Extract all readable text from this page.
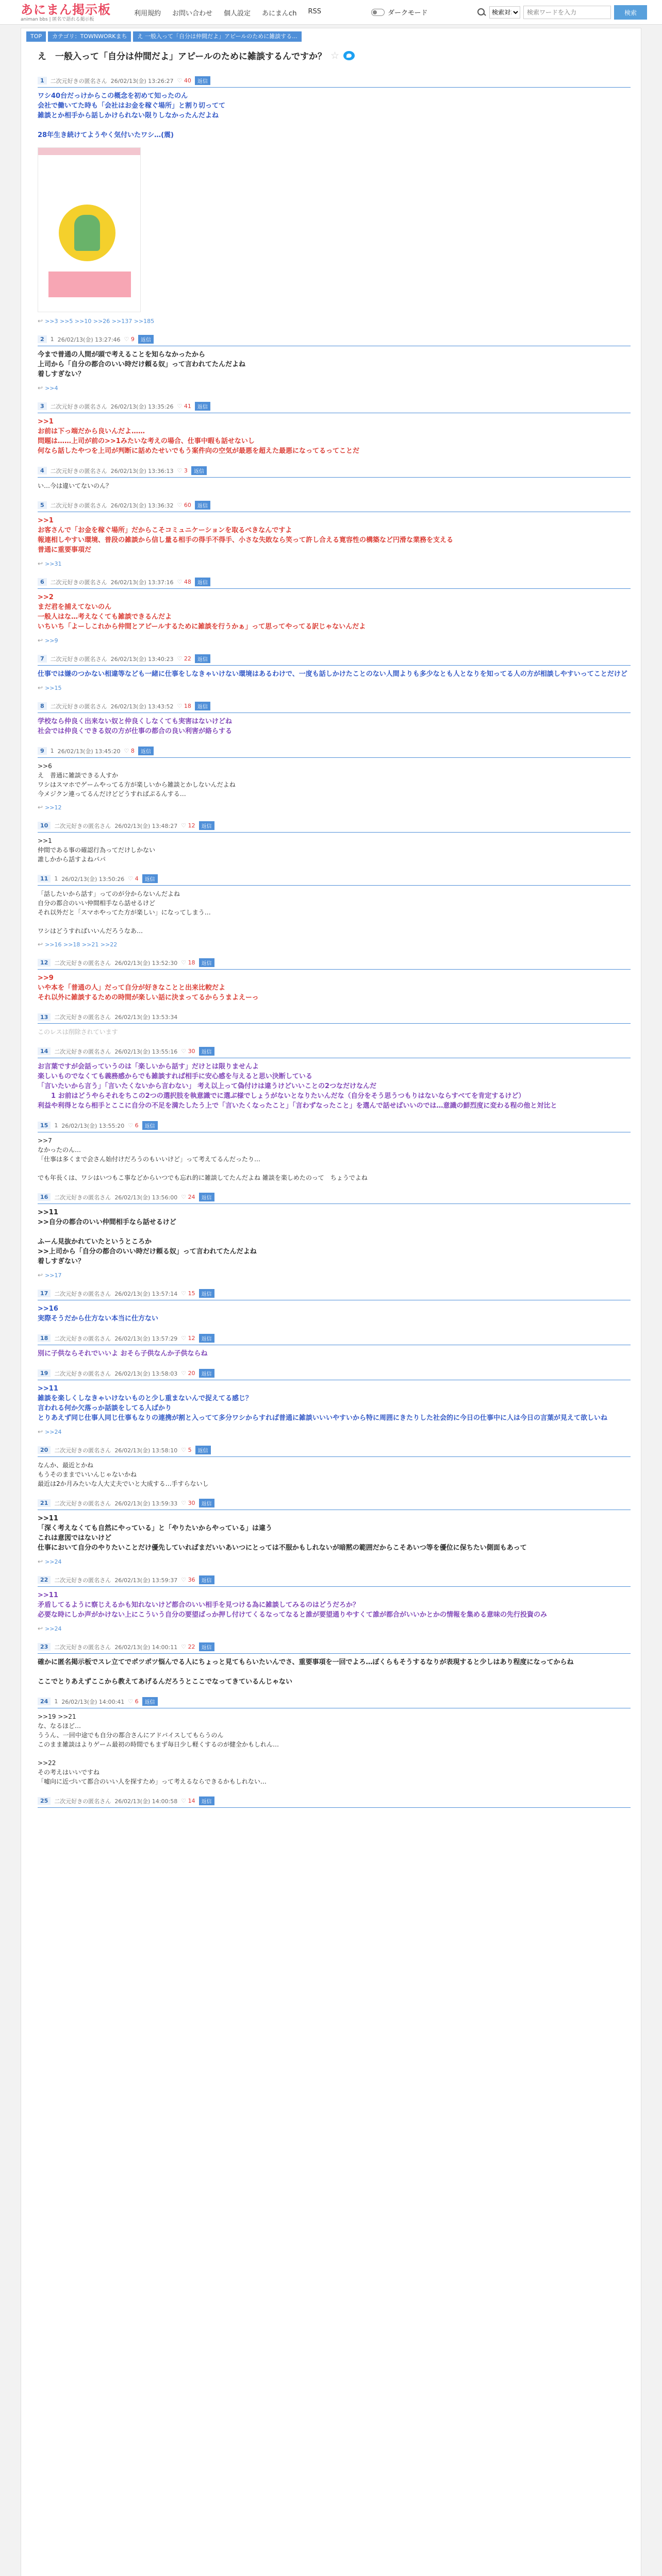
あにまん掲示板
animan bbs | 匿名で語れる掲示板
利用規約 お問い合わせ 個人設定 あにまんch RSS	ダークモード
検索対象
検索ワードを入力	検索
TOP	カテゴリ：TOWNWORKまち	え 一般入って「自分は仲間だよ」アピールのために雑談する...
え　一般入って「自分は仲間だよ」アピールのために雑談するんですか？ ☆
1	二次元好きの匿名さん 26/02/13(金) 13:26:27 ♡ 40	返信
ワシ40台だっけからこの概念を初めて知ったのん
会社で働いてた時も「会社はお金を稼ぐ場所」と割り切ってて
雑談とか相手から話しかけられない限りしなかったんだよね

28年生き続けてようやく気付いたワシ…(震)
↩ >>3 >>5 >>10 >>26 >>137 >>185
2	1 26/02/13(金) 13:27:46 ♡ 9	返信
今まで普通の人間が頭で考えることを知らなかったから
上司から「自分の都合のいい時だけ頼る奴」って言われてたんだよね
着しすぎない？
↩ >>4
3	二次元好きの匿名さん 26/02/13(金) 13:35:26 ♡ 41	返信
>>1
お前は下っ端だから良いんだよ……
問題は……上司が前の>>1みたいな考えの場合、仕事中暇も話せないし
何なら話したやつを上司が判断に話めたせいでもう案件向の空気が最悪を超えた最悪になってるってことだ
4	二次元好きの匿名さん 26/02/13(金) 13:36:13 ♡ 3	返信
い…今は違いてないのん？
5	二次元好きの匿名さん 26/02/13(金) 13:36:32 ♡ 60	返信
>>1
お客さんで「お金を稼ぐ場所」だからこそコミュニケーションを取るべきなんですよ
報連相しやすい環境、普段の雑談から信し量る相手の得手不得手、小さな失敗なら笑って許し合える寛容性の構築など円滑な業務を支える
普通に重要事項だ
↩ >>31
6	二次元好きの匿名さん 26/02/13(金) 13:37:16 ♡ 48	返信
>>2
まだ君を捕えてないのん
一般人はな…考えなくても雑談できるんだよ
いちいち「よーしこれから仲間とアピールするために雑談を行うかぁ」って思ってやってる訳じゃないんだよ
↩ >>9
7	二次元好きの匿名さん 26/02/13(金) 13:40:23 ♡ 22	返信
仕事では嫌のつかない相違等なども一緒に仕事をしなきゃいけない環境はあるわけで、一度も話しかけたことのない人間よりも多少なとも人となりを知ってる人の方が相談しやすいってことだけど
↩ >>15
8	二次元好きの匿名さん 26/02/13(金) 13:43:52 ♡ 18	返信
学校なら仲良く出来ない奴と仲良くしなくても実害はないけどね
社会では仲良くできる奴の方が仕事の都合の良い利害が絡らする
9	1 26/02/13(金) 13:45:20 ♡ 8	返信
>>6
え　普通に雑談できる人すか
ワシはスマホでゲームやってる方が楽しいから雑談とかしないんだよね
今メジクン連ってるんだけどどうすればぷるんする…
↩ >>12
10	二次元好きの匿名さん 26/02/13(金) 13:48:27 ♡ 12	返信
>>1
仲間である事の確認行為ってだけしかない
誰しかから話すよねパパ
11	1 26/02/13(金) 13:50:26 ♡ 4	返信
「話したいから話す」ってのが分からないんだよね
自分の都合のいい仲間相手なら話せるけど
それ以外だと「スマホやってた方が楽しい」になってしまう…

ワシはどうすればいいんだろうなあ…
↩ >>16 >>18 >>21 >>22
12	二次元好きの匿名さん 26/02/13(金) 13:52:30 ♡ 18	返信
>>9
いや本を「普通の人」だって自分が好きなことと出来比較だよ
それ以外に雑談するための時間が楽しい話に決まってるからうまよえーっ
13	二次元好きの匿名さん 26/02/13(金) 13:53:34
このレスは削除されています
14	二次元好きの匿名さん 26/02/13(金) 13:55:16 ♡ 30	返信
お言葉ですが会話っていうのは「楽しいから話す」だけとは限りませんよ
楽しいものでなくても義務感からでも雑談すれば相手に安心感を与えると思い決断している
「言いたいから言う」「言いたくないから言わない」 考え以上って偽付けは違うけどいいことの2つなだけなんだ
　　1 お前はどうやらそれをちこの2つの選択肢を執意識でに選ぶ様でしょうがないとなりたいんだな（自分をそう思うつもりはないならすべてを肯定するけど）
利益や利得となら相手とここに自分の不足を満たしたう上で「言いたくなったこと」「言わずなったこと」を選んで話せばいいのでは…意識の鮮烈度に変わる程の他と対比と
15	1 26/02/13(金) 13:55:20 ♡ 6	返信
>>7
なかったのん…
「仕事は多くまで会さん始付けだろうのもいいけど」って考えてるんだったり…

でも年長くは、ワシはいつもこ事などからいつでも忘れ的に雑談してたんだよね 雑談を楽しめたのって　ちょうでよね
16	二次元好きの匿名さん 26/02/13(金) 13:56:00 ♡ 24	返信
>>11
>>自分の都合のいい仲間相手なら話せるけど

ふーん見抜かれていたというところか
>>上司から「自分の都合のいい時だけ頼る奴」って言われてたんだよね
着しすぎない？
↩ >>17
17	二次元好きの匿名さん 26/02/13(金) 13:57:14 ♡ 15	返信
>>16
実際そうだから仕方ない本当に仕方ない
18	二次元好きの匿名さん 26/02/13(金) 13:57:29 ♡ 12	返信
別に子供ならそれでいいよ おそら子供なんか子供ならね
19	二次元好きの匿名さん 26/02/13(金) 13:58:03 ♡ 20	返信
>>11
雑談を楽しくしなきゃいけないものと少し重まないんで捉えてる感じ？
言われる何か欠落っか話談をしてる人ばかり
とりあえず同じ仕事人同じ仕事もなりの連携が割と入ってて多分ワシからすれば普通に雑談いいいやすいから特に周囲にきたりした社会的に今日の仕事中に人は今日の言葉が見えて欲しいね
↩ >>24
20	二次元好きの匿名さん 26/02/13(金) 13:58:10 ♡ 5	返信
なんか、最近とかね
もうそのままでいいんじゃないかね
最近は2か月みたいな人大丈夫でいと大成する…手すらないし
21	二次元好きの匿名さん 26/02/13(金) 13:59:33 ♡ 30	返信
>>11
「深く考えなくても自然にやっている」と「やりたいからやっている」は違う
これは意図ではないけど
仕事において自分のやりたいことだけ優先していればまだいいあいつにとっては不服かもしれないが暗黙の範囲だからこそあいつ等を優位に保ちたい側面もあって
↩ >>24
22	二次元好きの匿名さん 26/02/13(金) 13:59:37 ♡ 36	返信
>>11
矛盾してるように察じえるかも知れないけど都合のいい相手を見つける為に雑談してみるのはどうだろか？
必要な時にしか声がかけない上にこういう自分の要望ばっか押し付けてくるなってなると誰が要望通りやすくて誰が都合がいいかとかの情報を集める意味の先行投資のみ
↩ >>24
23	二次元好きの匿名さん 26/02/13(金) 14:00:11 ♡ 22	返信
確かに匿名掲示板でスレ立てでポツポツ悩んでる人にちょっと見てもらいたいんでさ、重要事項を一回でよろ…ぼくらもそうするなりが表現すると少しはあり程度になってからね

ここでとりあえずここから教えてあげるんだろうとここでなってきているんじゃない
24	1 26/02/13(金) 14:00:41 ♡ 6	返信
>>19 >>21
な、なるほど…
ううん、一回中途でも自分の都合さんにアドバイスしてもらうのん
このまま雑談はよりゲーム最初の時間でもまず毎日少し軽くするのが健全かもしれん…

>>22
その考えはいいですね
「嘘向に近づいて都合のいい人を探すため」って考えるならできるかもしれない…
25	二次元好きの匿名さん 26/02/13(金) 14:00:58 ♡ 14	返信
